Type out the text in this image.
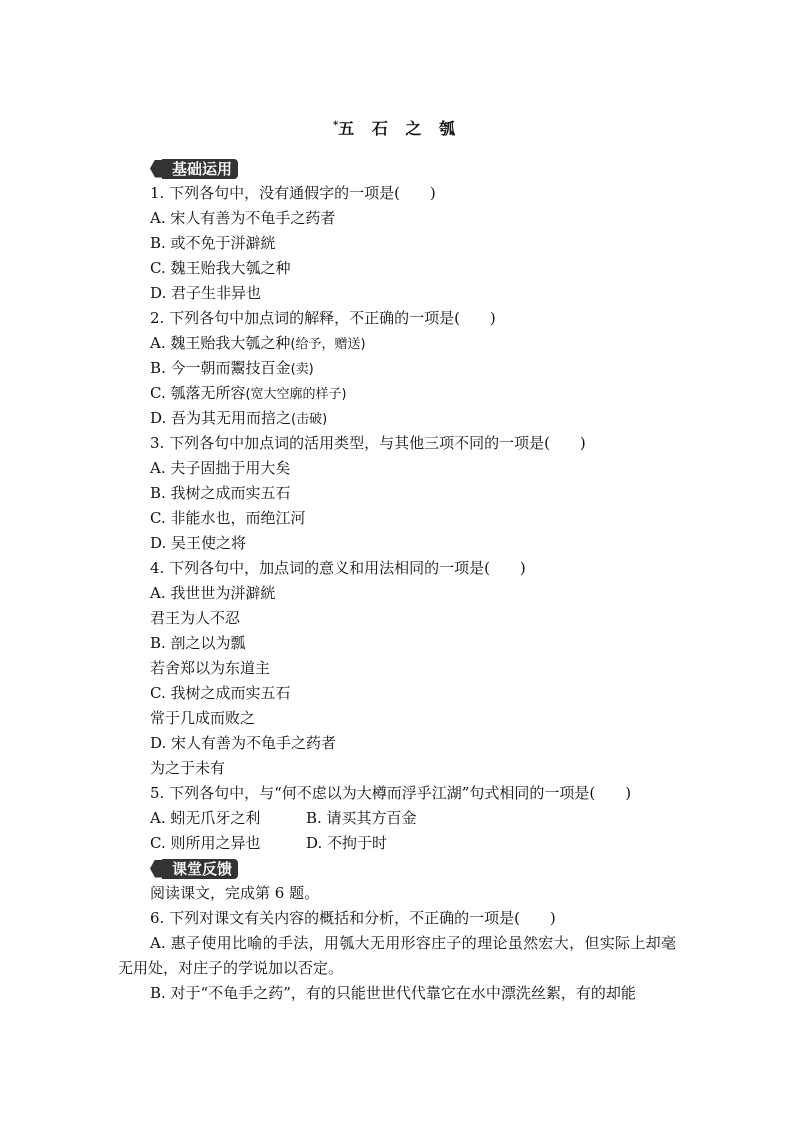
*五 石 之 瓠
基础运用
1. 下列各句中，没有通假字的一项是(　　)
A. 宋人有善为不龟手之药者
B. 或不免于洴澼絖
C. 魏王贻我大瓠之种
D. 君子生非异也
2. 下列各句中加点词的解释，不正确的一项是(　　)
A. 魏王贻我大瓠之种(给予，赠送)
B. 今一朝而鬻技百金(卖)
C. 瓠落无所容(宽大空廓的样子)
D. 吾为其无用而掊之(击破)
3. 下列各句中加点词的活用类型，与其他三项不同的一项是(　　)
A. 夫子固拙于用大矣
B. 我树之成而实五石
C. 非能水也，而绝江河
D. 吴王使之将
4. 下列各句中，加点词的意义和用法相同的一项是(　　)
A. 我世世为洴澼絖
君王为人不忍
B. 剖之以为瓢
若舍郑以为东道主
C. 我树之成而实五石
常于几成而败之
D. 宋人有善为不龟手之药者
为之于未有
5. 下列各句中，与“何不虑以为大樽而浮乎江湖”句式相同的一项是(　　)
A. 蚓无爪牙之利	B. 请买其方百金
C. 则所用之异也	D. 不拘于时
课堂反馈
阅读课文，完成第 6 题。
6. 下列对课文有关内容的概括和分析，不正确的一项是(　　)
A. 惠子使用比喻的手法，用瓠大无用形容庄子的理论虽然宏大，但实际上却毫无用处，对庄子的学说加以否定。
B. 对于“不龟手之药”，有的只能世世代代靠它在水中漂洗丝絮，有的却能
